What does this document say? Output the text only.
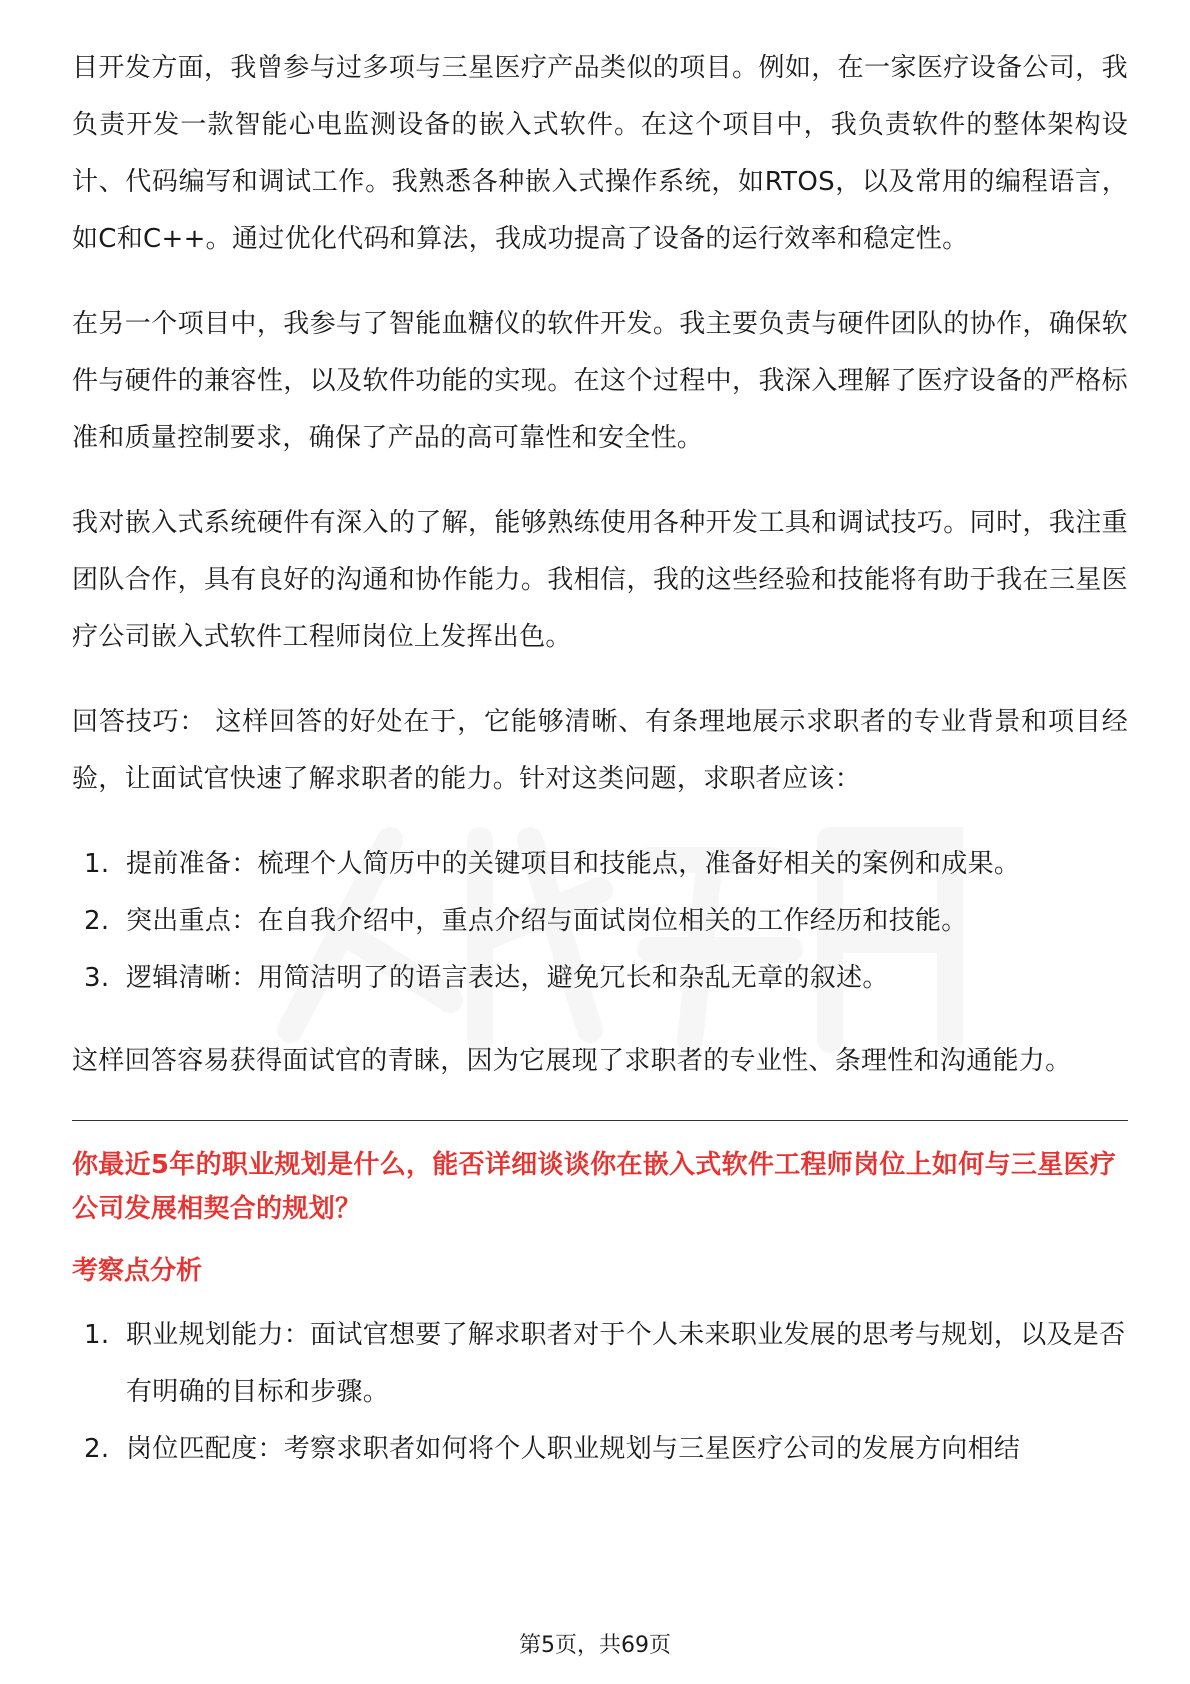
目开发方面，我曾参与过多项与三星医疗产品类似的项目。例如，在一家医疗设备公司，我负责开发一款智能心电监测设备的嵌入式软件。在这个项目中，我负责软件的整体架构设计、代码编写和调试工作。我熟悉各种嵌入式操作系统，如RTOS，以及常用的编程语言，如C和C++。通过优化代码和算法，我成功提高了设备的运行效率和稳定性。

在另一个项目中，我参与了智能血糖仪的软件开发。我主要负责与硬件团队的协作，确保软件与硬件的兼容性，以及软件功能的实现。在这个过程中，我深入理解了医疗设备的严格标准和质量控制要求，确保了产品的高可靠性和安全性。

我对嵌入式系统硬件有深入的了解，能够熟练使用各种开发工具和调试技巧。同时，我注重团队合作，具有良好的沟通和协作能力。我相信，我的这些经验和技能将有助于我在三星医疗公司嵌入式软件工程师岗位上发挥出色。

回答技巧： 这样回答的好处在于，它能够清晰、有条理地展示求职者的专业背景和项目经验，让面试官快速了解求职者的能力。针对这类问题，求职者应该：

1. 提前准备：梳理个人简历中的关键项目和技能点，准备好相关的案例和成果。
2. 突出重点：在自我介绍中，重点介绍与面试岗位相关的工作经历和技能。
3. 逻辑清晰：用简洁明了的语言表达，避免冗长和杂乱无章的叙述。

这样回答容易获得面试官的青睐，因为它展现了求职者的专业性、条理性和沟通能力。

你最近5年的职业规划是什么，能否详细谈谈你在嵌入式软件工程师岗位上如何与三星医疗公司发展相契合的规划？
考察点分析
1. 职业规划能力：面试官想要了解求职者对于个人未来职业发展的思考与规划，以及是否有明确的目标和步骤。
2. 岗位匹配度：考察求职者如何将个人职业规划与三星医疗公司的发展方向相结
第5页，共69页
